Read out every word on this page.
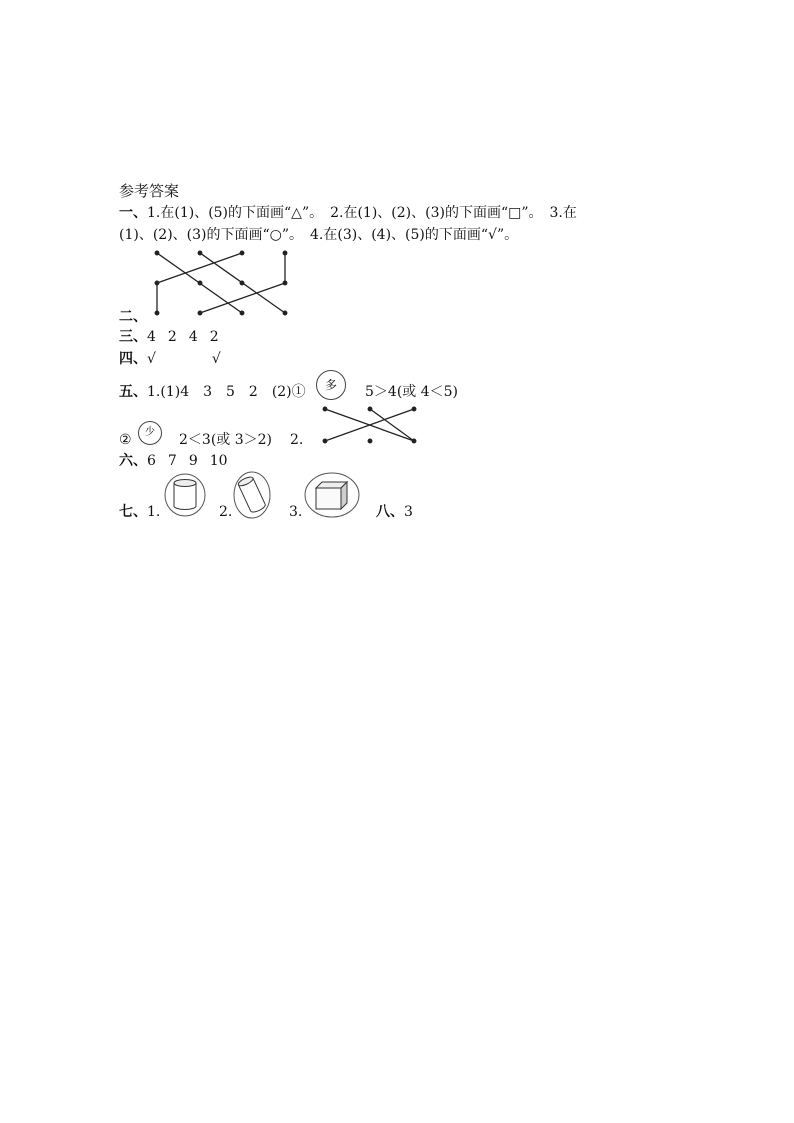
参考答案
一、1.在(1)、(5)的下面画“△”。　2.在(1)、(2)、(3)的下面画“□”。　3.在
(1)、(2)、(3)的下面画“○”。　4.在(3)、(4)、(5)的下面画“√”。
二、
三、4 2 4 2
四、√	√
五、1.(1)4　3　5　2　(2)①	多	5＞4(或 4＜5)
②	少	2＜3(或 3＞2) 2.
六、6 7 9 10
七、1.	2.	3.	八、3
